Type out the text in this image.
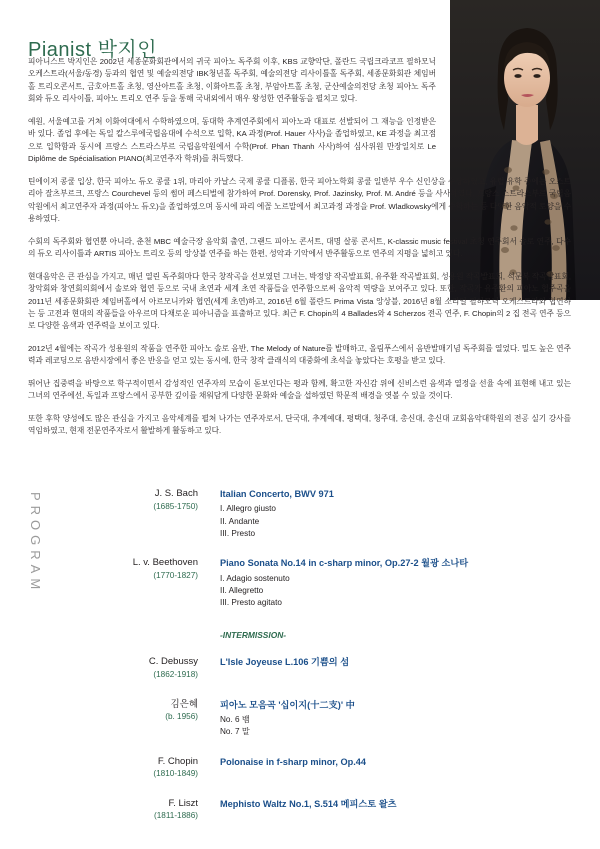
Pianist 박지인

피아니스트 박지인은 2002년 세종문화회관에서의 귀국 피아노 독주회 이후, KBS 교향악단, 폴란드 국립크라코프 필하모닉 오케스트라(서울/동경) 등과의 협연 및 예술의전당 IBK청년홀 독주회, 예술의전당 리사이틀홀 독주회, 세종문화회관 체임버홀 트리오콘서트, 금호아트홀 초청, 영산아트홀 초청, 이화아트홀 초청, 부암아트홀 초청, 군산예술의전당 초청 피아노 독주회와 듀오 리사이틀, 피아노 트리오 연주 등을 통해 국내외에서 매우 왕성한 연주활동을 펼치고 있다.

예원, 서울예고를 거쳐 이화여대에서 수학하였으며, 동대학 추계연주회에서 피아노과 대표로 선발되어 그 재능을 인정받은 바 있다. 졸업 후에는 독일 칼스루에국립음대에 수석으로 입학, KA 과정(Prof. Hauer 사사)을 졸업하였고, KE 과정을 최고점으로 입학함과 동시에 프랑스 스트라스부르 국립음악원에서 수학(Prof. Phan Thanh 사사)하여 심사위원 만장일치로 Le Diplôme de Spécialisation PIANO(최고연주자 학위)를 취득했다.

틴에이저 콩쿨 입상, 한국 피아노 듀오 콩쿨 1위, 마리아 카날스 국제 콩쿨 디플롬, 한국 피아노학회 콩쿨 일반부 우수 신인상을 수상하였고, 유럽 유학 중에는 오스트리아 잘츠부르크, 프랑스 Courchevel 등의 썸머 페스티벌에 참가하여 Prof. Dorensky, Prof. Jazinsky, Prof. M. André 등을 사사하였다. 프랑스 스트라스부르 국립음악원에서 최고연주자 과정(피아노 듀오)을 졸업하였으며 동시에 파리 에꼴 노르말에서 최고과정 과정을 Prof. Wladkowsky에게 수학하는 등 다양한 음악적 토양을 수용하였다.

수회의 독주회와 협연뿐 아니라, 춘천 MBC 예술극장 음악회 출연, 그랜드 피아노 콘서트, 대명 살롱 콘서트, K-classic music festival 초청 연주회서 솔로 연주, 다수의 듀오 리사이틀과 ARTIS 피아노 트리오 등의 앙상블 연주를 하는 한편, 성악과 기악에서 반주활동으로 연주의 지평을 넓히고 있다.

현대음악은 큰 관심을 가지고, 매년 열린 독주회마다 한국 창작곡을 선보였던 그녀는, 박정양 작곡발표회, 유주환 작곡발표회, 성용원 작곡발표회, 석문복 작곡발표회, 창악회와 창연회의회에서 솔로와 협연 등으로 국내 초연과 세계 초연 작품들을 연주함으로써 음악적 역량을 보여주고 있다. 또한, 작곡가 유주환의 피아노 협주곡을 2011년 세종문화회관 체임버홀에서 아르모니카와 협연(세계 초연)하고, 2016년 6월 폴란드 Prima Vista 앙상블, 2016년 8월 소리얼 필하모닉 오케스트라와 협연하는 등 고전과 현대의 작품들을 아우르며 다채로운 피아니즘을 표출하고 있다. 최근 F. Chopin의 4 Ballades와 4 Scherzos 전곡 연주, F. Chopin의 2 집 전곡 연주 등으로 다양한 음색과 연주력을 보이고 있다.

2012년 4월에는 작곡가 성용원의 작품을 연주한 피아노 솔로 음반, The Melody of Nature를 발매하고, 올림푸스에서 음반발매기념 독주회를 열었다. 밀도 높은 연주력과 레코딩으로 음반시장에서 좋은 반응을 얻고 있는 동시에, 한국 창작 클래식의 대중화에 초석을 놓았다는 호평을 받고 있다.

뛰어난 집중력을 바탕으로 학구적이면서 감성적인 연주자의 모습이 돋보인다는 평과 함께, 확고한 자신감 위에 신비스런 음색과 열정을 선율 속에 표현해 내고 있는 그녀의 연주에선, 독일과 프랑스에서 공부한 깊이를 채워담게 다양한 문화와 예술을 섭하였던 학문적 배경을 엿볼 수 있을 것이다.

또한 후학 양성에도 많은 관심을 가지고 음악세계를 펼쳐 나가는 연주자로서, 단국대, 추계예대, 평택대, 청주대, 총신대, 총신대 교회음악대학원의 전공 실기 강사를 역임하였고, 현재 전문연주자로서 활발하게 활동하고 있다.

PROGRAM	J. S. Bach
(1685-1750)
Italian Concerto, BWV 971
I. Allegro giusto
II. Andante
III. Presto
L. v. Beethoven
(1770-1827)
Piano Sonata No.14 in c-sharp minor, Op.27-2 월광 소나타
I. Adagio sostenuto
II. Allegretto
III. Presto agitato
-INTERMISSION-
C. Debussy
(1862-1918)
L'Isle Joyeuse L.106 기쁨의 섬
김은혜
(b. 1956)
피아노 모음곡 '십이지(十二支)' 中
No. 6 뱀
No. 7 말
F. Chopin
(1810-1849)
Polonaise in f-sharp minor, Op.44
F. Liszt
(1811-1886)
Mephisto Waltz No.1, S.514 메피스토 왈츠
